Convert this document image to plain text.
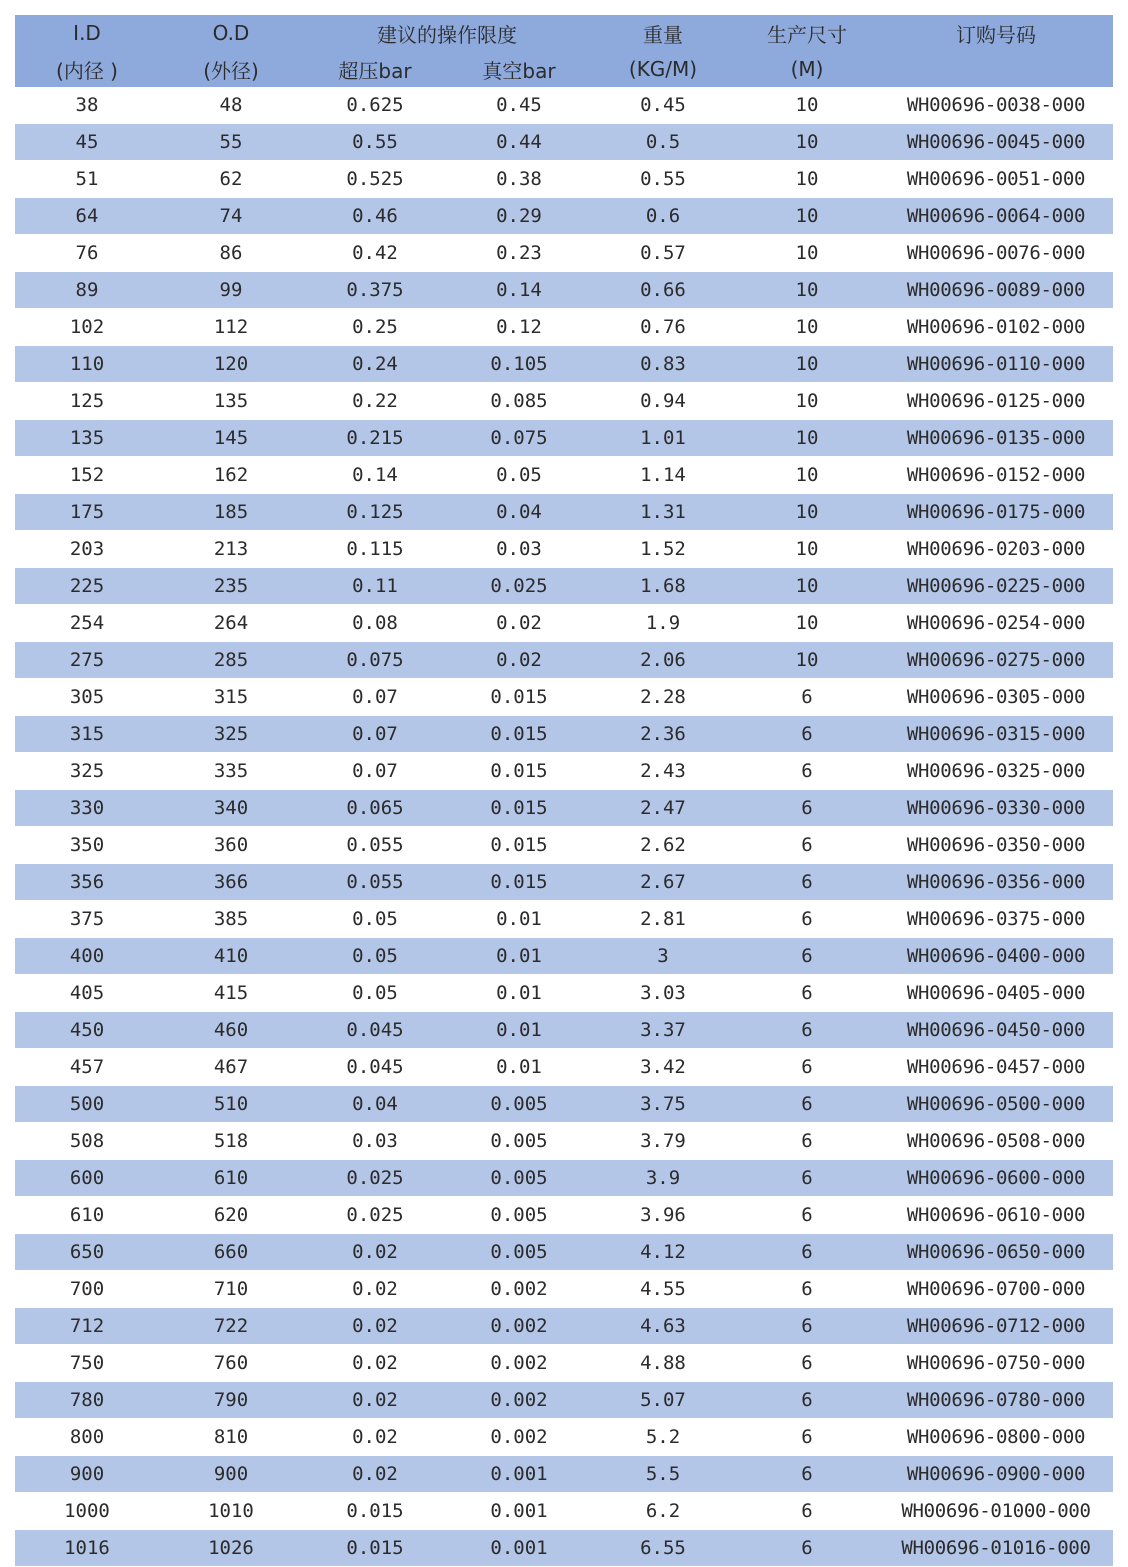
I.D	O.D	建议的操作限度		重量	生产尺寸	订购号码
(内径 )	(外径)	超压bar	真空bar	(KG/M)	(M)	
38	48	0.625	0.45	0.45	10	WH00696-0038-000
45	55	0.55	0.44	0.5	10	WH00696-0045-000
51	62	0.525	0.38	0.55	10	WH00696-0051-000
64	74	0.46	0.29	0.6	10	WH00696-0064-000
76	86	0.42	0.23	0.57	10	WH00696-0076-000
89	99	0.375	0.14	0.66	10	WH00696-0089-000
102	112	0.25	0.12	0.76	10	WH00696-0102-000
110	120	0.24	0.105	0.83	10	WH00696-0110-000
125	135	0.22	0.085	0.94	10	WH00696-0125-000
135	145	0.215	0.075	1.01	10	WH00696-0135-000
152	162	0.14	0.05	1.14	10	WH00696-0152-000
175	185	0.125	0.04	1.31	10	WH00696-0175-000
203	213	0.115	0.03	1.52	10	WH00696-0203-000
225	235	0.11	0.025	1.68	10	WH00696-0225-000
254	264	0.08	0.02	1.9	10	WH00696-0254-000
275	285	0.075	0.02	2.06	10	WH00696-0275-000
305	315	0.07	0.015	2.28	6	WH00696-0305-000
315	325	0.07	0.015	2.36	6	WH00696-0315-000
325	335	0.07	0.015	2.43	6	WH00696-0325-000
330	340	0.065	0.015	2.47	6	WH00696-0330-000
350	360	0.055	0.015	2.62	6	WH00696-0350-000
356	366	0.055	0.015	2.67	6	WH00696-0356-000
375	385	0.05	0.01	2.81	6	WH00696-0375-000
400	410	0.05	0.01	3	6	WH00696-0400-000
405	415	0.05	0.01	3.03	6	WH00696-0405-000
450	460	0.045	0.01	3.37	6	WH00696-0450-000
457	467	0.045	0.01	3.42	6	WH00696-0457-000
500	510	0.04	0.005	3.75	6	WH00696-0500-000
508	518	0.03	0.005	3.79	6	WH00696-0508-000
600	610	0.025	0.005	3.9	6	WH00696-0600-000
610	620	0.025	0.005	3.96	6	WH00696-0610-000
650	660	0.02	0.005	4.12	6	WH00696-0650-000
700	710	0.02	0.002	4.55	6	WH00696-0700-000
712	722	0.02	0.002	4.63	6	WH00696-0712-000
750	760	0.02	0.002	4.88	6	WH00696-0750-000
780	790	0.02	0.002	5.07	6	WH00696-0780-000
800	810	0.02	0.002	5.2	6	WH00696-0800-000
900	900	0.02	0.001	5.5	6	WH00696-0900-000
1000	1010	0.015	0.001	6.2	6	WH00696-01000-000
1016	1026	0.015	0.001	6.55	6	WH00696-01016-000
